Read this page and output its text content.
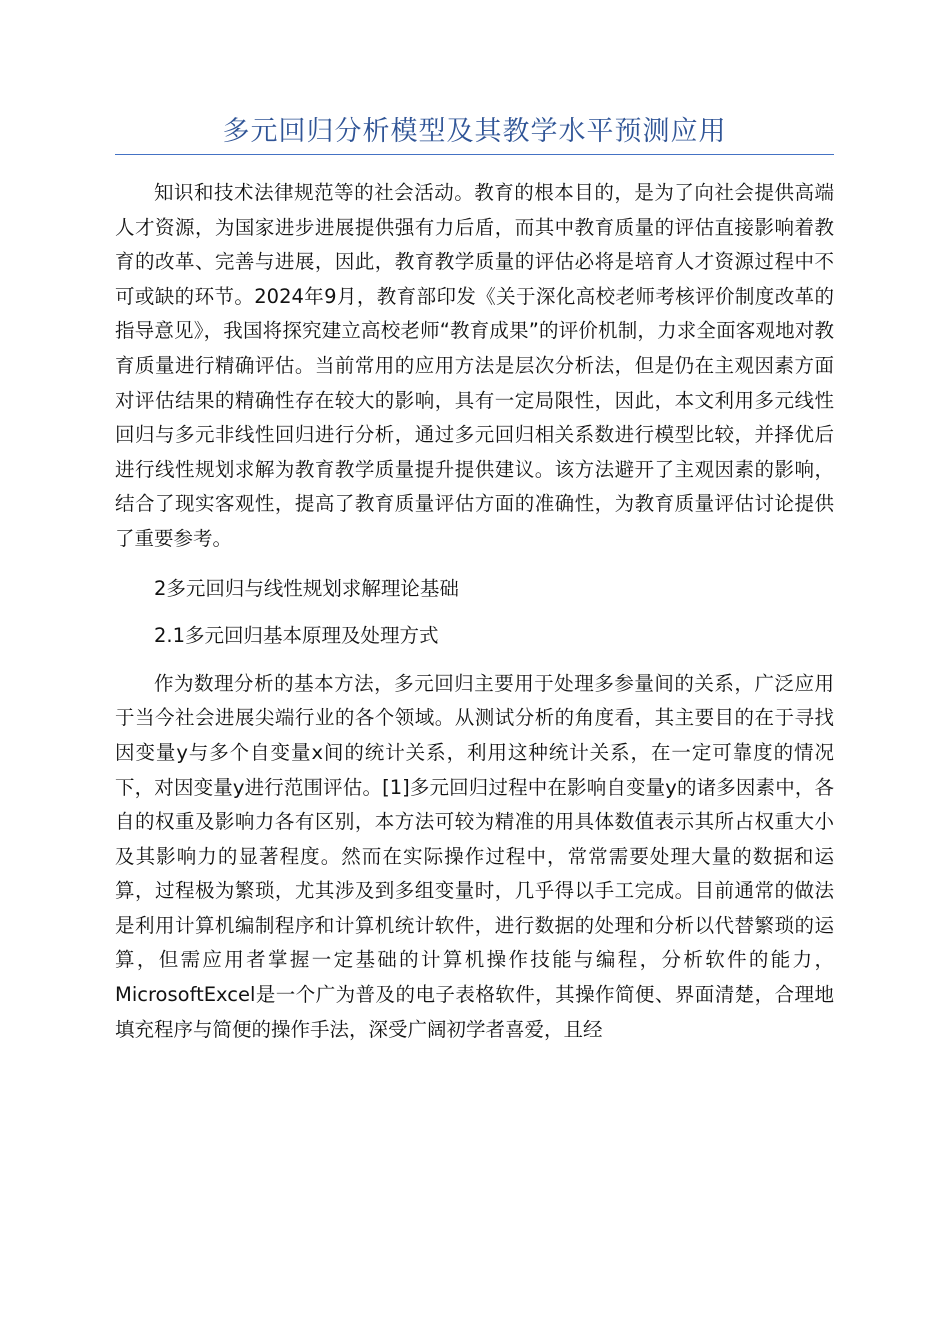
多元回归分析模型及其教学水平预测应用

知识和技术法律规范等的社会活动。教育的根本目的，是为了向社会提供高端人才资源，为国家进步进展提供强有力后盾，而其中教育质量的评估直接影响着教育的改革、完善与进展，因此，教育教学质量的评估必将是培育人才资源过程中不可或缺的环节。2024年9月，教育部印发《关于深化高校老师考核评价制度改革的指导意见》，我国将探究建立高校老师“教育成果”的评价机制，力求全面客观地对教育质量进行精确评估。当前常用的应用方法是层次分析法，但是仍在主观因素方面对评估结果的精确性存在较大的影响，具有一定局限性，因此，本文利用多元线性回归与多元非线性回归进行分析，通过多元回归相关系数进行模型比较，并择优后进行线性规划求解为教育教学质量提升提供建议。该方法避开了主观因素的影响，结合了现实客观性，提高了教育质量评估方面的准确性，为教育质量评估讨论提供了重要参考。

2多元回归与线性规划求解理论基础

2.1多元回归基本原理及处理方式

作为数理分析的基本方法，多元回归主要用于处理多参量间的关系，广泛应用于当今社会进展尖端行业的各个领域。从测试分析的角度看，其主要目的在于寻找因变量y与多个自变量x间的统计关系，利用这种统计关系，在一定可靠度的情况下，对因变量y进行范围评估。[1]多元回归过程中在影响自变量y的诸多因素中，各自的权重及影响力各有区别，本方法可较为精准的用具体数值表示其所占权重大小及其影响力的显著程度。然而在实际操作过程中，常常需要处理大量的数据和运算，过程极为繁琐，尤其涉及到多组变量时，几乎得以手工完成。目前通常的做法是利用计算机编制程序和计算机统计软件，进行数据的处理和分析以代替繁琐的运算，但需应用者掌握一定基础的计算机操作技能与编程，分析软件的能力，MicrosoftExcel是一个广为普及的电子表格软件，其操作简便、界面清楚，合理地填充程序与简便的操作手法，深受广阔初学者喜爱，且经
